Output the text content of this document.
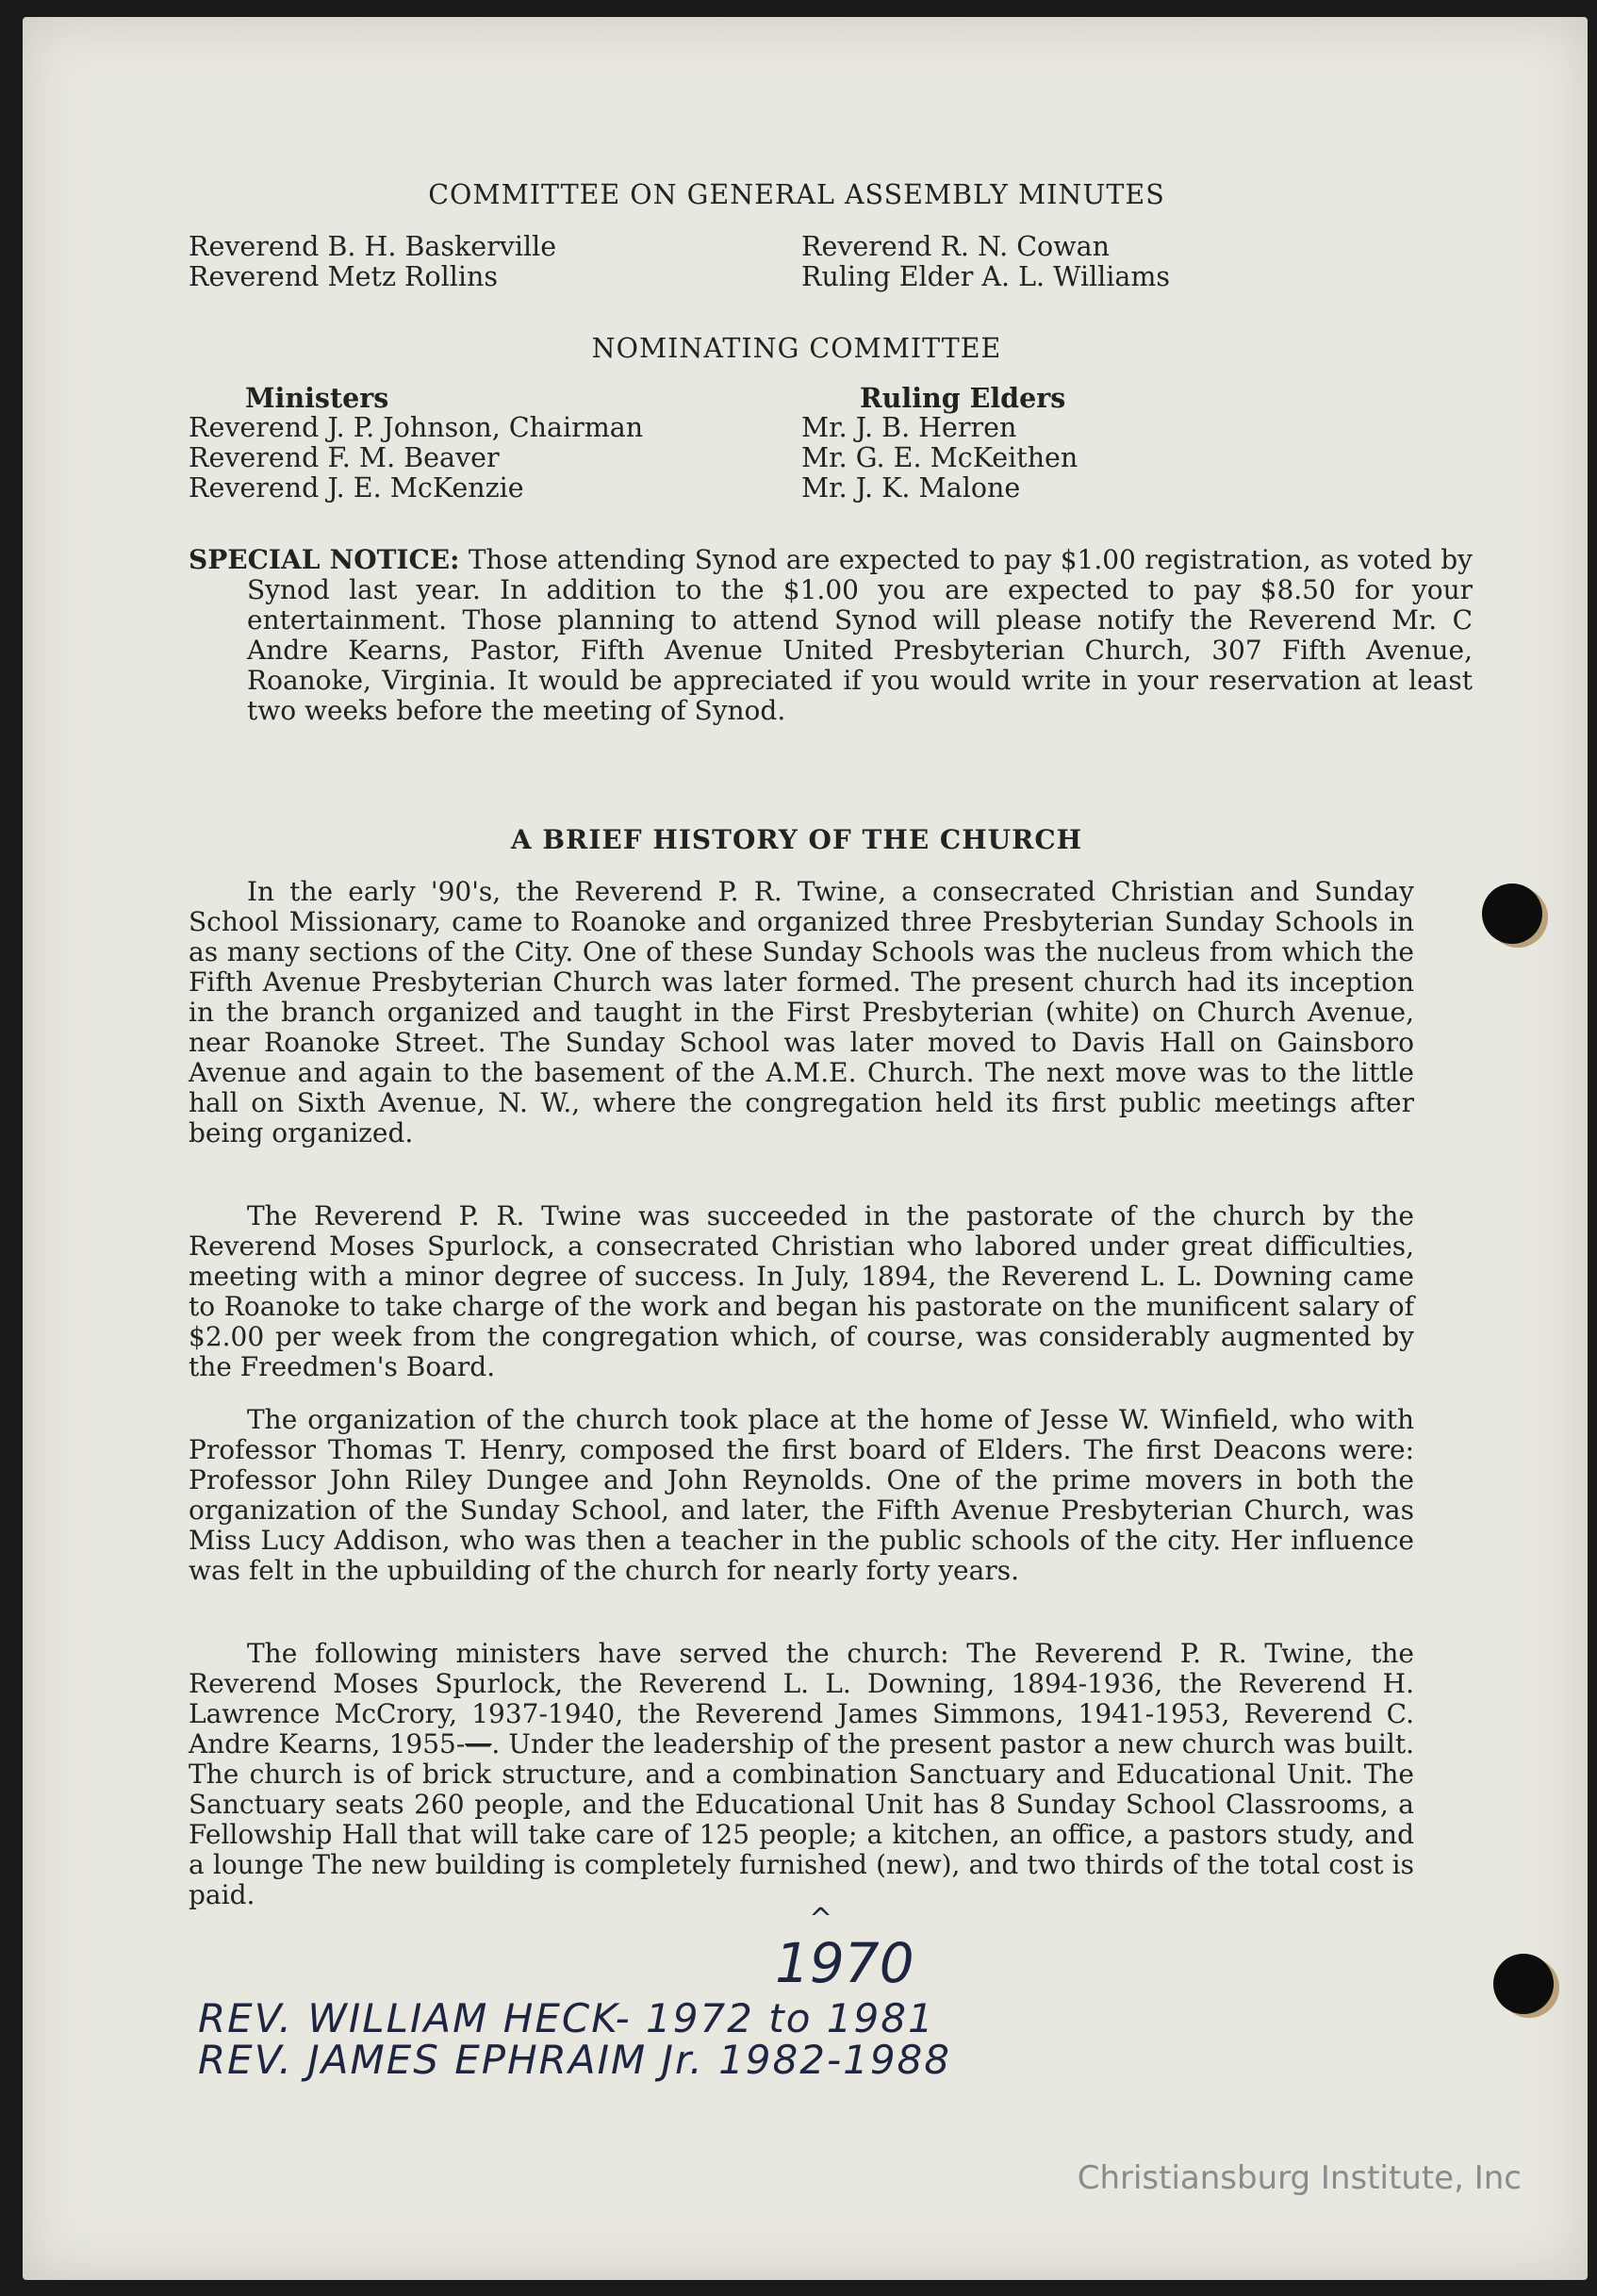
COMMITTEE ON GENERAL ASSEMBLY MINUTES
Reverend B. H. Baskerville
Reverend Metz Rollins
Reverend R. N. Cowan
Ruling Elder A. L. Williams
NOMINATING COMMITTEE
Ministers
Reverend J. P. Johnson, Chairman
Reverend F. M. Beaver
Reverend J. E. McKenzie
Ruling Elders
Mr. J. B. Herren
Mr. G. E. McKeithen
Mr. J. K. Malone
SPECIAL NOTICE: Those attending Synod are expected to pay $1.00 registration, as voted by Synod last year. In addition to the $1.00 you are expected to pay $8.50 for your entertainment. Those planning to attend Synod will please notify the Reverend Mr. C Andre Kearns, Pastor, Fifth Avenue United Presbyterian Church, 307 Fifth Avenue, Roanoke, Virginia. It would be appreciated if you would write in your reservation at least two weeks before the meeting of Synod.
A BRIEF HISTORY OF THE CHURCH
In the early '90's, the Reverend P. R. Twine, a consecrated Christian and Sunday School Missionary, came to Roanoke and organized three Presbyterian Sunday Schools in as many sections of the City. One of these Sunday Schools was the nucleus from which the Fifth Avenue Presbyterian Church was later formed. The present church had its inception in the branch organized and taught in the First Presbyterian (white) on Church Avenue, near Roanoke Street. The Sunday School was later moved to Davis Hall on Gainsboro Avenue and again to the basement of the A.M.E. Church. The next move was to the little hall on Sixth Avenue, N. W., where the congregation held its first public meetings after being organized.
The Reverend P. R. Twine was succeeded in the pastorate of the church by the Reverend Moses Spurlock, a consecrated Christian who labored under great difficulties, meeting with a minor degree of success. In July, 1894, the Reverend L. L. Downing came to Roanoke to take charge of the work and began his pastorate on the munificent salary of $2.00 per week from the congregation which, of course, was considerably augmented by the Freedmen's Board.
The organization of the church took place at the home of Jesse W. Winfield, who with Professor Thomas T. Henry, composed the first board of Elders. The first Deacons were: Professor John Riley Dungee and John Reynolds. One of the prime movers in both the organization of the Sunday School, and later, the Fifth Avenue Presbyterian Church, was Miss Lucy Addison, who was then a teacher in the public schools of the city. Her influence was felt in the upbuilding of the church for nearly forty years.
The following ministers have served the church: The Reverend P. R. Twine, the Reverend Moses Spurlock, the Reverend L. L. Downing, 1894-1936, the Reverend H. Lawrence McCrory, 1937-1940, the Reverend James Simmons, 1941-1953, Reverend C. Andre Kearns, 1955-—. Under the leadership of the present pastor a new church was built. The church is of brick structure, and a combination Sanctuary and Educational Unit. The Sanctuary seats 260 people, and the Educational Unit has 8 Sunday School Classrooms, a Fellowship Hall that will take care of 125 people; a kitchen, an office, a pastors study, and a lounge The new building is completely furnished (new), and two thirds of the total cost is paid.
^
1970
REV. WILLIAM HECK- 1972 to 1981
REV. JAMES EPHRAIM Jr. 1982-1988
Christiansburg Institute, Inc
